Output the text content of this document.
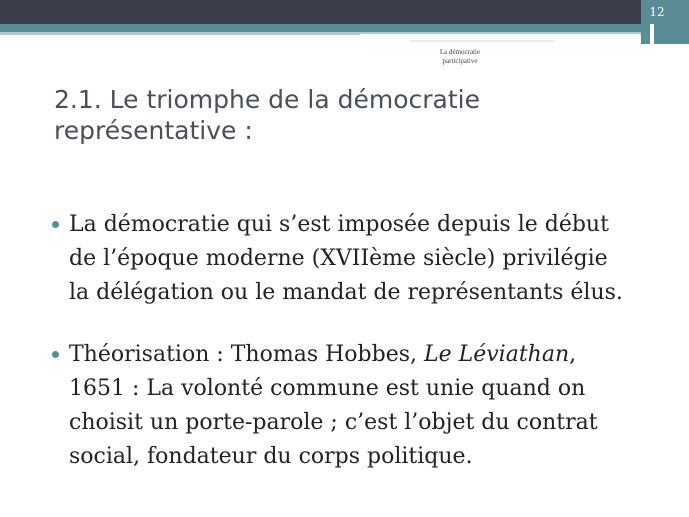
12
La démocratie
participative
2.1. Le triomphe de la démocratie
représentative :
La démocratie qui s’est imposée depuis le début
de l’époque moderne (XVIIème siècle) privilégie
la délégation ou le mandat de représentants élus.
Théorisation : Thomas Hobbes, Le Léviathan,
1651 : La volonté commune est unie quand on
choisit un porte-parole ; c’est l’objet du contrat
social, fondateur du corps politique.
